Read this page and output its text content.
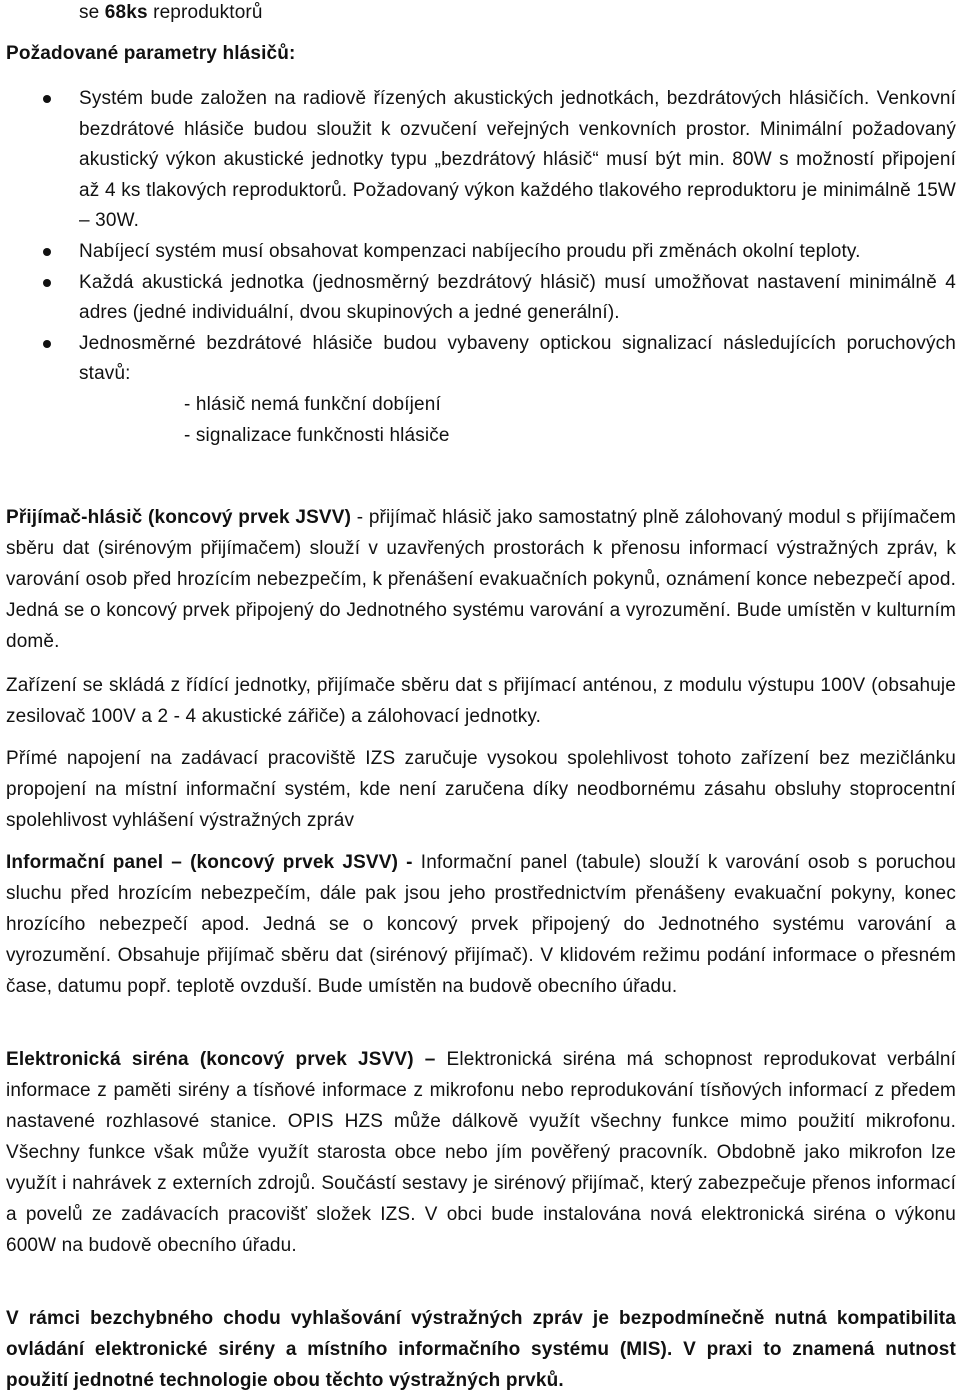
se 68ks reproduktorů

Požadované parametry hlásičů:

Systém bude založen na radiově řízených akustických jednotkách, bezdrátových hlásičích. Venkovní bezdrátové hlásiče budou sloužit k ozvučení veřejných venkovních prostor. Minimální požadovaný akustický výkon akustické jednotky typu „bezdrátový hlásič“ musí být min. 80W s možností připojení až 4 ks tlakových reproduktorů. Požadovaný výkon každého tlakového reproduktoru je minimálně 15W – 30W.
Nabíjecí systém musí obsahovat kompenzaci nabíjecího proudu při změnách okolní teploty.
Každá akustická jednotka (jednosměrný bezdrátový hlásič) musí umožňovat nastavení minimálně 4 adres (jedné individuální, dvou skupinových a jedné generální).
Jednosměrné bezdrátové hlásiče budou vybaveny optickou signalizací následujících poruchových stavů:
- hlásič nemá funkční dobíjení
- signalizace funkčnosti hlásiče

Přijímač-hlásič (koncový prvek JSVV) - přijímač hlásič jako samostatný plně zálohovaný modul s přijímačem sběru dat (sirénovým přijímačem) slouží v uzavřených prostorách k přenosu informací výstražných zpráv, k varování osob před hrozícím nebezpečím, k přenášení evakuačních pokynů, oznámení konce nebezpečí apod. Jedná se o koncový prvek připojený do Jednotného systému varování a vyrozumění. Bude umístěn v kulturním domě.

Zařízení se skládá z řídící jednotky, přijímače sběru dat s přijímací anténou, z modulu výstupu 100V (obsahuje zesilovač 100V a 2 - 4 akustické zářiče) a zálohovací jednotky.

Přímé napojení na zadávací pracoviště IZS zaručuje vysokou spolehlivost tohoto zařízení bez mezičlánku propojení na místní informační systém, kde není zaručena díky neodbornému zásahu obsluhy stoprocentní spolehlivost vyhlášení výstražných zpráv

Informační panel – (koncový prvek JSVV) - Informační panel (tabule) slouží k varování osob s poruchou sluchu před hrozícím nebezpečím, dále pak jsou jeho prostřednictvím přenášeny evakuační pokyny, konec hrozícího nebezpečí apod. Jedná se o koncový prvek připojený do Jednotného systému varování a vyrozumění. Obsahuje přijímač sběru dat (sirénový přijímač). V klidovém režimu podání informace o přesném čase, datumu popř. teplotě ovzduší. Bude umístěn na budově obecního úřadu.

Elektronická siréna (koncový prvek JSVV) – Elektronická siréna má schopnost reprodukovat verbální informace z paměti sirény a tísňové informace z mikrofonu nebo reprodukování tísňových informací z předem nastavené rozhlasové stanice. OPIS HZS může dálkově využít všechny funkce mimo použití mikrofonu. Všechny funkce však může využít starosta obce nebo jím pověřený pracovník. Obdobně jako mikrofon lze využít i nahrávek z externích zdrojů. Součástí sestavy je sirénový přijímač, který zabezpečuje přenos informací a povelů ze zadávacích pracovišť složek IZS. V obci bude instalována nová elektronická siréna o výkonu 600W na budově obecního úřadu.

V rámci bezchybného chodu vyhlašování výstražných zpráv je bezpodmínečně nutná kompatibilita ovládání elektronické sirény a místního informačního systému (MIS). V praxi to znamená nutnost použití jednotné technologie obou těchto výstražných prvků.
